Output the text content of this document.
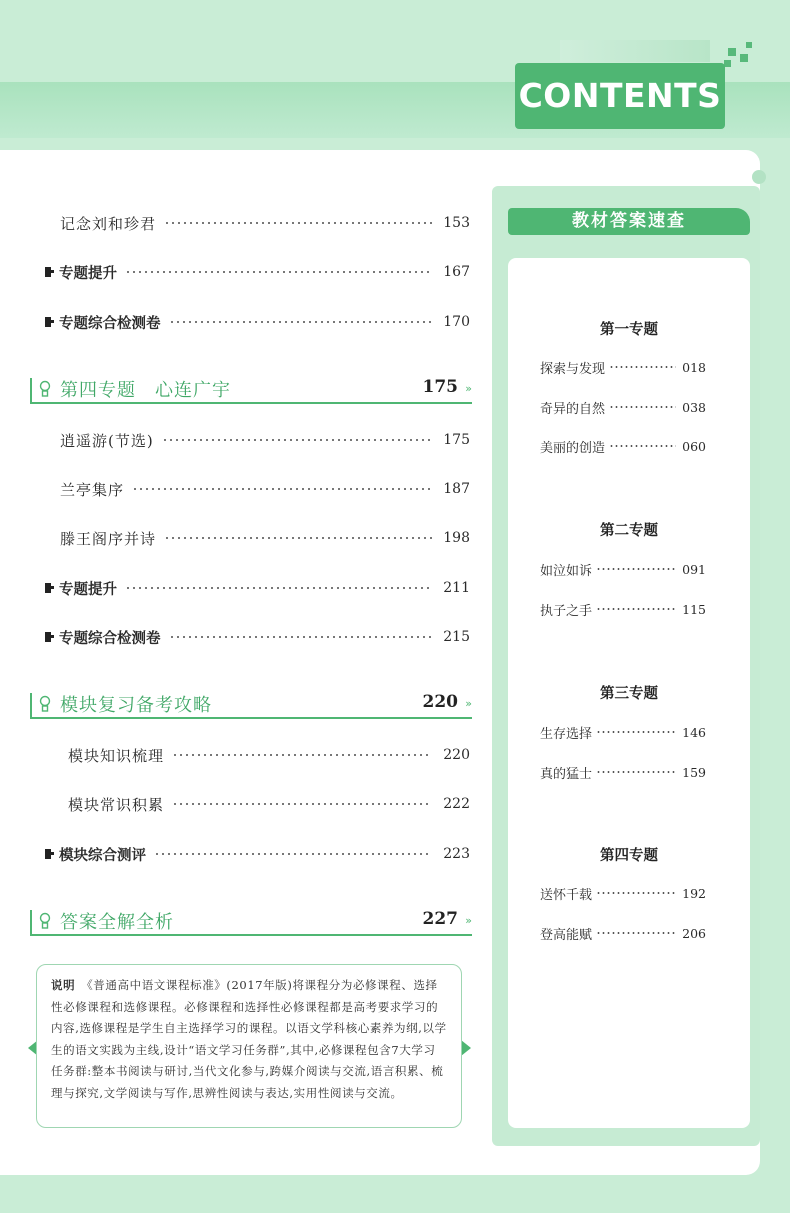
CONTENTS
记念刘和珍君	153
专题提升	167
专题综合检测卷	170
第四专题　心连广宇	175 »
逍遥游(节选)	175
兰亭集序	187
滕王阁序并诗	198
专题提升	211
专题综合检测卷	215
模块复习备考攻略	220 »
模块知识梳理	220
模块常识积累	222
模块综合测评	223
答案全解全析	227 »
说明 《普通高中语文课程标准》(2017年版)将课程分为必修课程、选择性必修课程和选修课程。必修课程和选择性必修课程都是高考要求学习的内容,选修课程是学生自主选择学习的课程。以语文学科核心素养为纲,以学生的语文实践为主线,设计“语文学习任务群”,其中,必修课程包含7大学习任务群:整本书阅读与研讨,当代文化参与,跨媒介阅读与交流,语言积累、梳理与探究,文学阅读与写作,思辨性阅读与表达,实用性阅读与交流。
教材答案速查
第一专题
探索与发现	018
奇异的自然	038
美丽的创造	060
第二专题
如泣如诉	091
执子之手	115
第三专题
生存选择	146
真的猛士	159
第四专题
送怀千载	192
登高能赋	206
